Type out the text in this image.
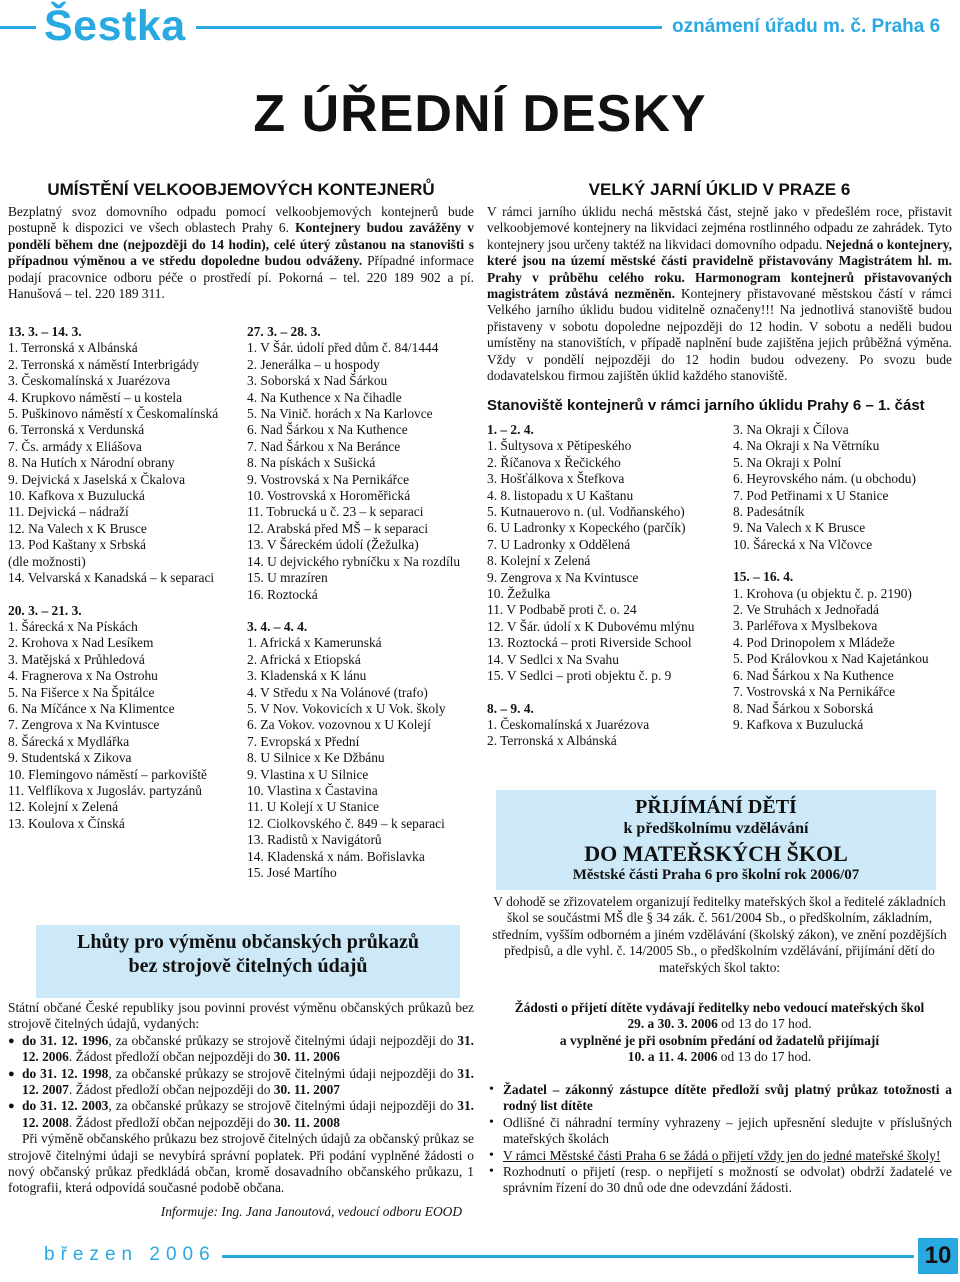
Šestka	oznámení úřadu m. č. Praha 6
Z ÚŘEDNÍ DESKY
UMÍSTĚNÍ VELKOOBJEMOVÝCH KONTEJNERŮ
Bezplatný svoz domovního odpadu pomocí velkoobjemových kontejnerů bude postupně k dispozici ve všech oblastech Prahy 6. Kontejnery budou zavážěny v pondělí během dne (nejpozději do 14 hodin), celé úterý zůstanou na stanovišti s případnou výměnou a ve středu dopoledne budou odváženy. Případné informace podají pracovnice odboru péče o prostředí pí. Pokorná – tel. 220 189 902 a pí. Hanušová – tel. 220 189 311.
13. 3. – 14. 3.
1. Terronská x Albánská
2. Terronská x náměstí Interbrigády
3. Českomalínská x Juarézova
4. Krupkovo náměstí – u kostela
5. Puškinovo náměstí x Českomalínská
6. Terronská x Verdunská
7. Čs. armády x Eliášova
8. Na Hutích x Národní obrany
9. Dejvická x Jaselská x Čkalova
10. Kafkova x Buzulucká
11. Dejvická – nádraží
12. Na Valech x K Brusce
13. Pod Kaštany x Srbská
(dle možnosti)
14. Velvarská x Kanadská – k separaci
20. 3. – 21. 3.
1. Šárecká x Na Pískách
2. Krohova x Nad Lesíkem
3. Matějská x Průhledová
4. Fragnerova x Na Ostrohu
5. Na Fišerce x Na Špitálce
6. Na Míčánce x Na Klimentce
7. Zengrova x Na Kvintusce
8. Šárecká x Mydlářka
9. Studentská x Zikova
10. Flemingovo náměstí – parkoviště
11. Velflíkova x Jugosláv. partyzánů
12. Kolejní x Zelená
13. Koulova x Čínská
27. 3. – 28. 3.
1. V Šár. údolí před dům č. 84/1444
2. Jenerálka – u hospody
3. Soborská x Nad Šárkou
4. Na Kuthence x Na čihadle
5. Na Vinič. horách x Na Karlovce
6. Nad Šárkou x Na Kuthence
7. Nad Šárkou x Na Beránce
8. Na pískách x Sušická
9. Vostrovská x Na Pernikářce
10. Vostrovská x Horoměřická
11. Tobrucká u č. 23 – k separaci
12. Arabská před MŠ – k separaci
13. V Šáreckém údolí (Žežulka)
14. U dejvického rybníčku x Na rozdílu
15. U mrazíren
16. Roztocká
3. 4. – 4. 4.
1. Africká x Kamerunská
2. Africká x Etiopská
3. Kladenská x K lánu
4. V Středu x Na Volánové (trafo)
5. V Nov. Vokovicích x U Vok. školy
6. Za Vokov. vozovnou x U Kolejí
7. Evropská x Přední
8. U Silnice x Ke Džbánu
9. Vlastina x U Silnice
10. Vlastina x Častavina
11. U Kolejí x U Stanice
12. Ciolkovského č. 849 – k separaci
13. Radistů x Navigátorů
14. Kladenská x nám. Bořislavka
15. José Martího
VELKÝ JARNÍ ÚKLID V PRAZE 6
V rámci jarního úklidu nechá městská část, stejně jako v předešlém roce, přistavit velkoobjemové kontejnery na likvidaci zejména rostlinného odpadu ze zahrádek. Tyto kontejnery jsou určeny taktéž na likvidaci domovního odpadu. Nejedná o kontejnery, které jsou na území městské části pravidelně přistavovány Magistrátem hl. m. Prahy v průběhu celého roku. Harmonogram kontejnerů přistavovaných magistrátem zůstává nezměněn. Kontejnery přistavované městskou částí v rámci Velkého jarního úklidu budou viditelně označeny!!! Na jednotlivá stanoviště budou přistaveny v sobotu dopoledne nejpozději do 12 hodin. V sobotu a neděli budou umístěny na stanovištích, v případě naplnění bude zajištěna jejich průběžná výměna. Vždy v pondělí nejpozději do 12 hodin budou odvezeny. Po svozu bude dodavatelskou firmou zajištěn úklid každého stanoviště.
Stanoviště kontejnerů v rámci jarního úklidu Prahy 6 – 1. část
1. – 2. 4.
1. Šultysova x Pětipeského
2. Říčanova x Řečického
3. Hošťálkova x Štefkova
4. 8. listopadu x U Kaštanu
5. Kutnauerovo n. (ul. Vodňanského)
6. U Ladronky x Kopeckého (parčík)
7. U Ladronky x Oddělená
8. Kolejní x Zelená
9. Zengrova x Na Kvintusce
10. Žežulka
11. V Podbabě proti č. o. 24
12. V Šár. údolí x K Dubovému mlýnu
13. Roztocká – proti Riverside School
14. V Sedlci x Na Svahu
15. V Sedlci – proti objektu č. p. 9
8. – 9. 4.
1. Českomalínská x Juarézova
2. Terronská x Albánská
3. Na Okraji x Čílova
4. Na Okraji x Na Větrníku
5. Na Okraji x Polní
6. Heyrovského nám. (u obchodu)
7. Pod Petřinami x U Stanice
8. Padesátník
9. Na Valech x K Brusce
10. Šárecká x Na Vlčovce
15. – 16. 4.
1. Krohova (u objektu č. p. 2190)
2. Ve Struhách x Jednořadá
3. Parléřova x Myslbekova
4. Pod Drinopolem x Mládeže
5. Pod Královkou x Nad Kajetánkou
6. Nad Šárkou x Na Kuthence
7. Vostrovská x Na Pernikářce
8. Nad Šárkou x Soborská
9. Kafkova x Buzulucká
Lhůty pro výměnu občanských průkazů
bez strojově čitelných údajů
Státní občané České republiky jsou povinni provést výměnu občanských průkazů bez strojově čitelných údajů, vydaných:
● do 31. 12. 1996, za občanské průkazy se strojově čitelnými údaji nejpozději do 31. 12. 2006. Žádost předloží občan nejpozději do 30. 11. 2006
● do 31. 12. 1998, za občanské průkazy se strojově čitelnými údaji nejpozději do 31. 12. 2007. Žádost předloží občan nejpozději do 30. 11. 2007
● do 31. 12. 2003, za občanské průkazy se strojově čitelnými údaji nejpozději do 31. 12. 2008. Žádost předloží občan nejpozději do 30. 11. 2008
Při výměně občanského průkazu bez strojově čitelných údajů za občanský průkaz se strojově čitelnými údaji se nevybírá správní poplatek. Při podání vyplněné žádosti o nový občanský průkaz předkládá občan, kromě dosavadního občanského průkazu, 1 fotografii, která odpovídá současné podobě občana.
Informuje: Ing. Jana Janoutová, vedoucí odboru EOOD
PŘIJÍMÁNÍ DĚTÍ
k předškolnímu vzdělávání
DO MATEŘSKÝCH ŠKOL
Městské části Praha 6 pro školní rok 2006/07
V dohodě se zřizovatelem organizují ředitelky mateřských škol a ředitelé základních škol se součástmi MŠ dle § 34 zák. č. 561/2004 Sb., o předškolním, základním, středním, vyšším odborném a jiném vzdělávání (školský zákon), ve znění pozdějších předpisů, a dle vyhl. č. 14/2005 Sb., o předškolním vzdělávání, přijímání dětí do mateřských škol takto:
Žádosti o přijetí dítěte vydávají ředitelky nebo vedoucí mateřských škol
29. a 30. 3. 2006 od 13 do 17 hod.
a vyplněné je při osobním předání od žadatelů přijímají
10. a 11. 4. 2006 od 13 do 17 hod.
• Žadatel – zákonný zástupce dítěte předloží svůj platný průkaz totožnosti a rodný list dítěte
• Odlišné či náhradní termíny vyhrazeny – jejich upřesnění sledujte v příslušných mateřských školách
• V rámci Městské části Praha 6 se žádá o přijetí vždy jen do jedné mateřské školy!
• Rozhodnutí o přijetí (resp. o nepřijetí s možností se odvolat) obdrží žadatelé ve správním řízení do 30 dnů ode dne odevzdání žádosti.
březen 2006	10
